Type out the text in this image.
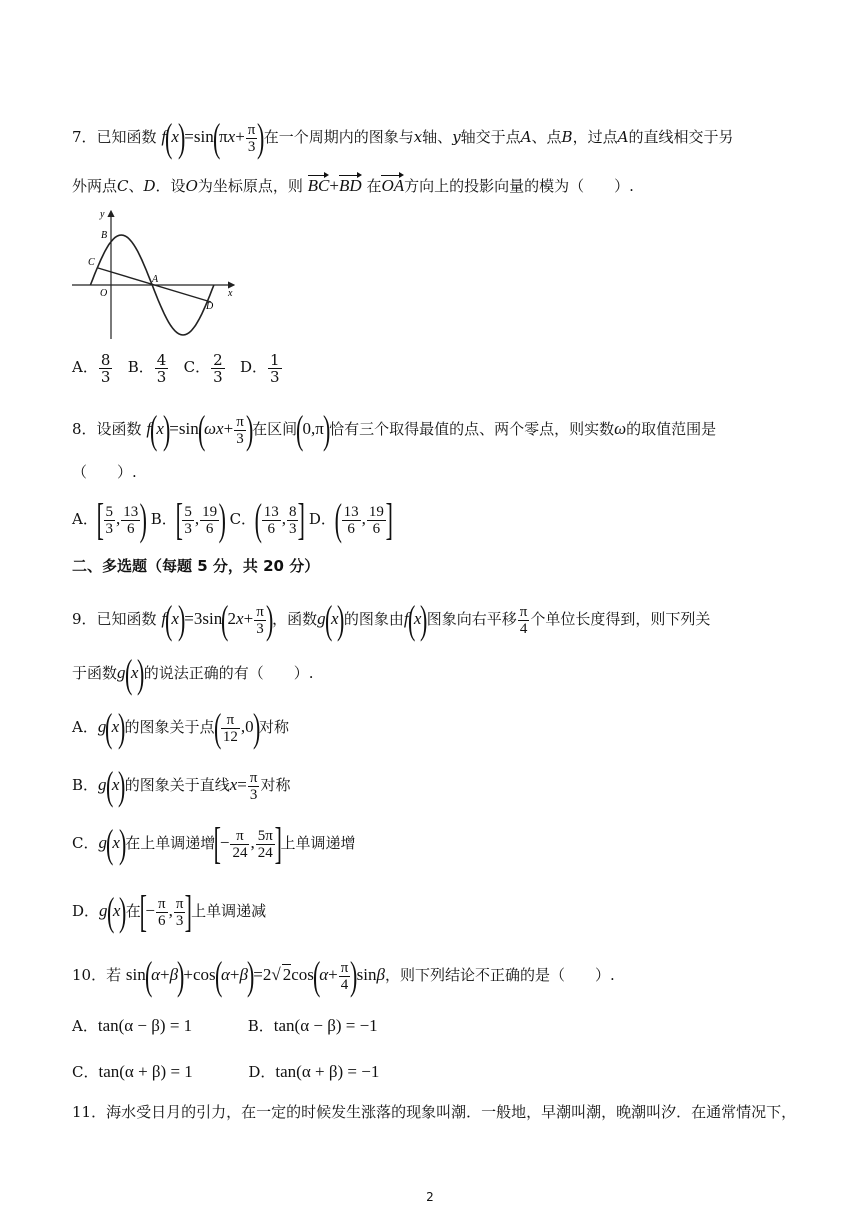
7．已知函数 $f(x)=\sin(\pi x+ \frac{\pi}{3}$ )在一个周期内的图象与x轴、y轴交于点A、点B，过点A的直线相交于另
外两点C、D．设O为坐标原点，则 BC+BD 在OA方向上的投影向量的模为（　　）.
y
x
B
C
A
O
D
A． $\frac{8}{3}$ B． $\frac{4}{3}$ C． $\frac{2}{3}$ D． $\frac{1}{3}$
8．设函数 $f(x)=\sin(\omega x+ \frac{\pi}{3}$ )在区间(0,π)恰有三个取得最值的点、两个零点，则实数ω的取值范围是
（　　）.
A．[ $\frac{5}{3}$ , $\frac{13}{6}$ ) B．[ $\frac{5}{3}$ , $\frac{19}{6}$ ) C．( $\frac{13}{6}$ , $\frac{8}{3}$ ] D．( $\frac{13}{6}$ , $\frac{19}{6}$ ]
二、多选题（每题 5 分，共 20 分）
9．已知函数 $f(x)=3\sin(2x+ \frac{\pi}{3}$ )，函数g(x)的图象由f(x)图象向右平移 $\frac{\pi}{4}$ 个单位长度得到，则下列关
于函数g(x)的说法正确的有（　　）.
A．g(x)的图象关于点( $\frac{\pi}{12} ,0$)对称
B．g(x)的图象关于直线$x= \frac{\pi}{3}$ 对称
C．g(x)在上单调递增[− $\frac{\pi}{24}$ , $\frac{5\pi}{24}$ ]上单调递增
D．g(x)在[− $\frac{\pi}{6}$ , $\frac{\pi}{3}$ ]上单调递减
10．若 sin(α+β)+cos(α+β)=2√ $2\cos(\alpha+ \frac{\pi}{4} )\sin\beta$，则下列结论不正确的是（　　）.
A．tan(α − β) = 1	B．tan(α − β) = −1
C．tan(α + β) = 1	D．tan(α + β) = −1
11．海水受日月的引力，在一定的时候发生涨落的现象叫潮．一般地，早潮叫潮，晚潮叫汐．在通常情况下，
2
